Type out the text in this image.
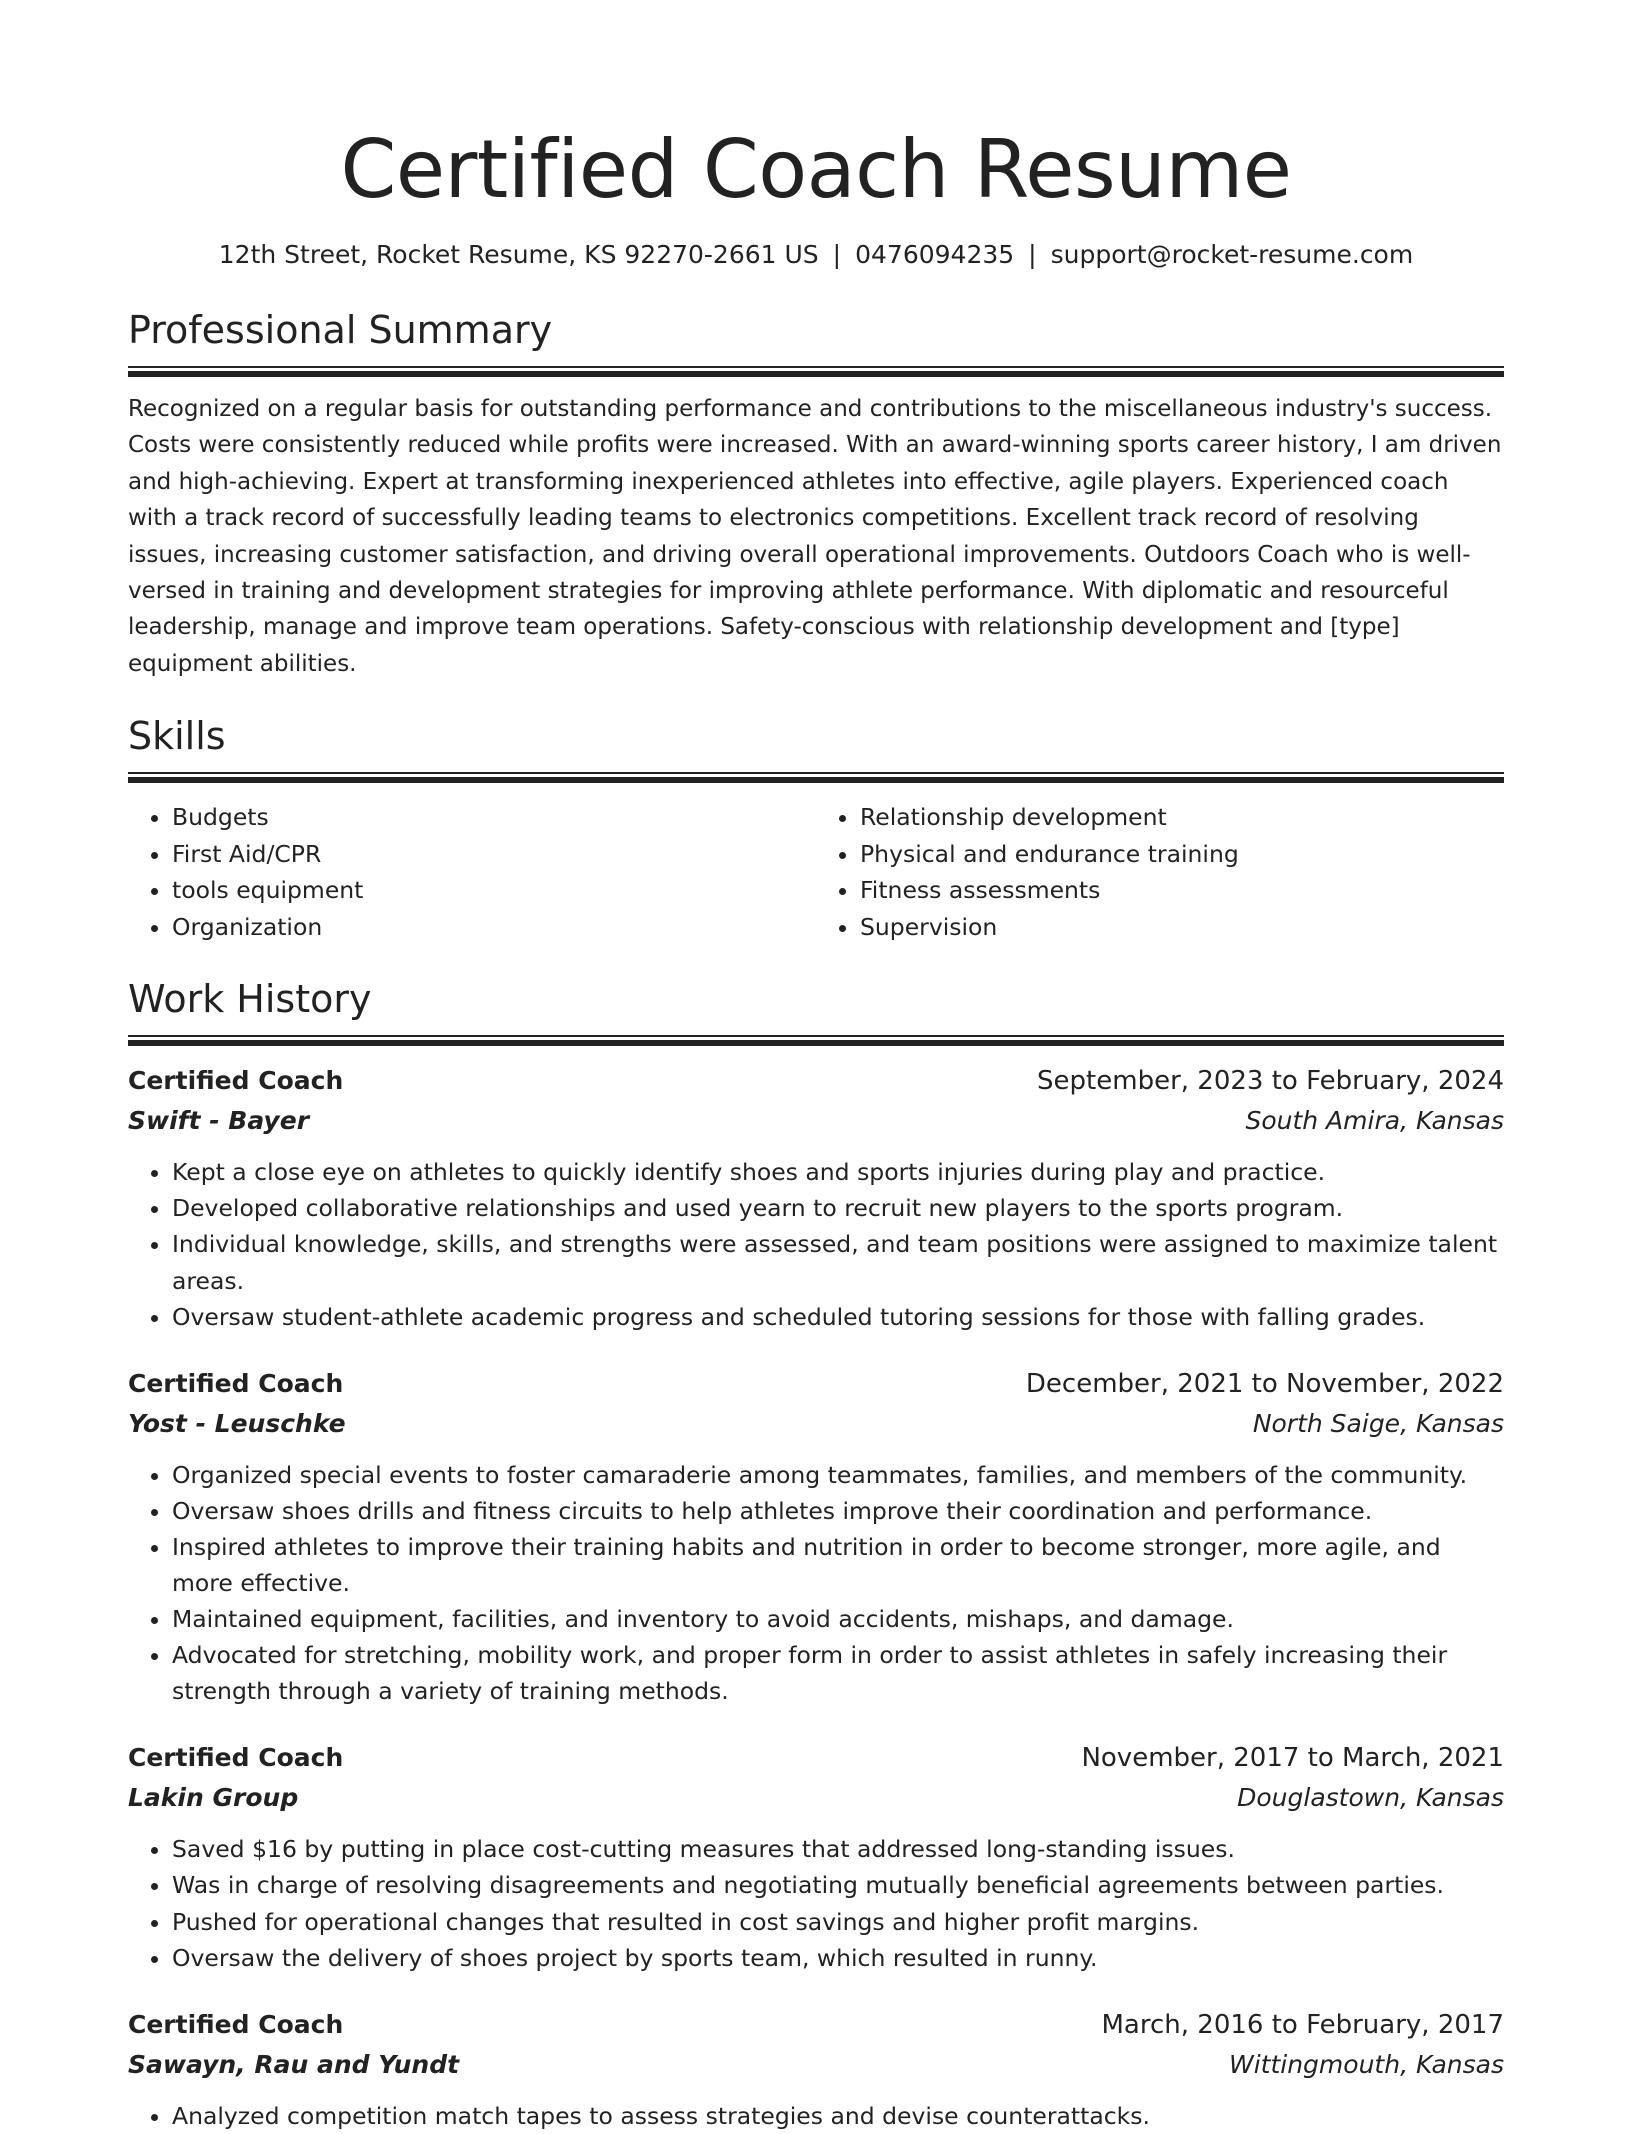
Certified Coach Resume
12th Street, Rocket Resume, KS 92270-2661 US | 0476094235 | support@rocket-resume.com
Professional Summary

Recognized on a regular basis for outstanding performance and contributions to the miscellaneous industry's success. Costs were consistently reduced while profits were increased. With an award-winning sports career history, I am driven and high-achieving. Expert at transforming inexperienced athletes into effective, agile players. Experienced coach with a track record of successfully leading teams to electronics competitions. Excellent track record of resolving issues, increasing customer satisfaction, and driving overall operational improvements. Outdoors Coach who is well-versed in training and development strategies for improving athlete performance. With diplomatic and resourceful leadership, manage and improve team operations. Safety-conscious with relationship development and [type] equipment abilities.

Skills
• Budgets
• First Aid/CPR
• tools equipment
• Organization
• Relationship development
• Physical and endurance training
• Fitness assessments
• Supervision
Work History
Certified Coach	September, 2023 to February, 2024
Swift - Bayer	South Amira, Kansas
• Kept a close eye on athletes to quickly identify shoes and sports injuries during play and practice.
• Developed collaborative relationships and used yearn to recruit new players to the sports program.
• Individual knowledge, skills, and strengths were assessed, and team positions were assigned to maximize talent areas.
• Oversaw student-athlete academic progress and scheduled tutoring sessions for those with falling grades.
Certified Coach	December, 2021 to November, 2022
Yost - Leuschke	North Saige, Kansas
• Organized special events to foster camaraderie among teammates, families, and members of the community.
• Oversaw shoes drills and fitness circuits to help athletes improve their coordination and performance.
• Inspired athletes to improve their training habits and nutrition in order to become stronger, more agile, and more effective.
• Maintained equipment, facilities, and inventory to avoid accidents, mishaps, and damage.
• Advocated for stretching, mobility work, and proper form in order to assist athletes in safely increasing their strength through a variety of training methods.
Certified Coach	November, 2017 to March, 2021
Lakin Group	Douglastown, Kansas
• Saved $16 by putting in place cost-cutting measures that addressed long-standing issues.
• Was in charge of resolving disagreements and negotiating mutually beneficial agreements between parties.
• Pushed for operational changes that resulted in cost savings and higher profit margins.
• Oversaw the delivery of shoes project by sports team, which resulted in runny.
Certified Coach	March, 2016 to February, 2017
Sawayn, Rau and Yundt	Wittingmouth, Kansas
• Analyzed competition match tapes to assess strategies and devise counterattacks.
